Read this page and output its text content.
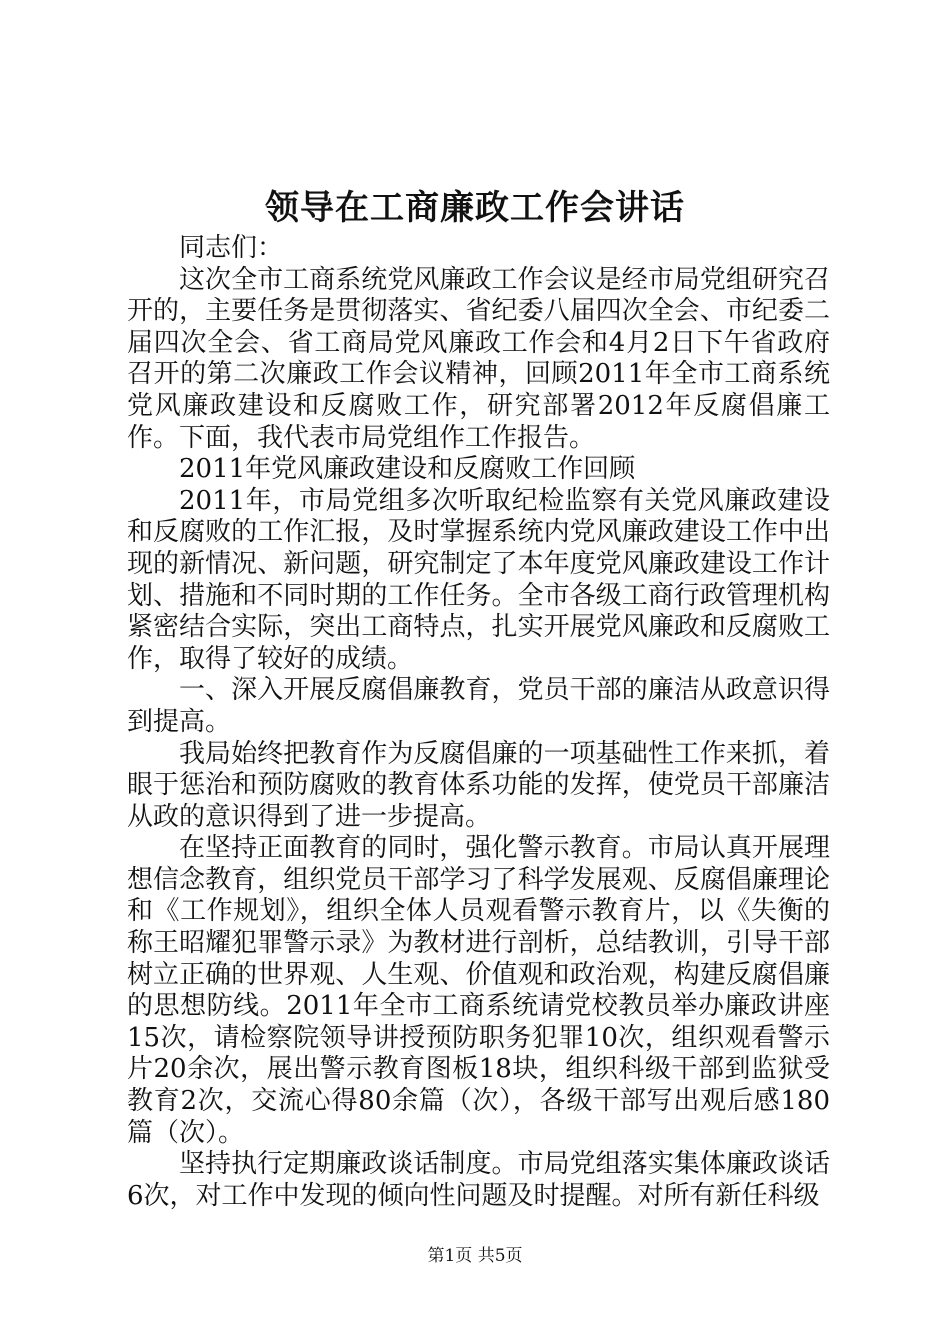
领导在工商廉政工作会讲话

同志们：

这次全市工商系统党风廉政工作会议是经市局党组研究召开的，主要任务是贯彻落实、省纪委八届四次全会、市纪委二届四次全会、省工商局党风廉政工作会和4月2日下午省政府召开的第二次廉政工作会议精神，回顾2011年全市工商系统党风廉政建设和反腐败工作，研究部署2012年反腐倡廉工作。下面，我代表市局党组作工作报告。

2011年党风廉政建设和反腐败工作回顾

2011年，市局党组多次听取纪检监察有关党风廉政建设和反腐败的工作汇报，及时掌握系统内党风廉政建设工作中出现的新情况、新问题，研究制定了本年度党风廉政建设工作计划、措施和不同时期的工作任务。全市各级工商行政管理机构紧密结合实际，突出工商特点，扎实开展党风廉政和反腐败工作，取得了较好的成绩。

一、深入开展反腐倡廉教育，党员干部的廉洁从政意识得到提高。

我局始终把教育作为反腐倡廉的一项基础性工作来抓，着眼于惩治和预防腐败的教育体系功能的发挥，使党员干部廉洁从政的意识得到了进一步提高。

在坚持正面教育的同时，强化警示教育。市局认真开展理想信念教育，组织党员干部学习了科学发展观、反腐倡廉理论和《工作规划》，组织全体人员观看警示教育片，以《失衡的称王昭耀犯罪警示录》为教材进行剖析，总结教训，引导干部树立正确的世界观、人生观、价值观和政治观，构建反腐倡廉的思想防线。2011年全市工商系统请党校教员举办廉政讲座15次，请检察院领导讲授预防职务犯罪10次，组织观看警示片20余次，展出警示教育图板18块，组织科级干部到监狱受教育2次，交流心得80余篇（次），各级干部写出观后感180篇（次）。

坚持执行定期廉政谈话制度。市局党组落实集体廉政谈话6次，对工作中发现的倾向性问题及时提醒。对所有新任科级

第1页 共5页
